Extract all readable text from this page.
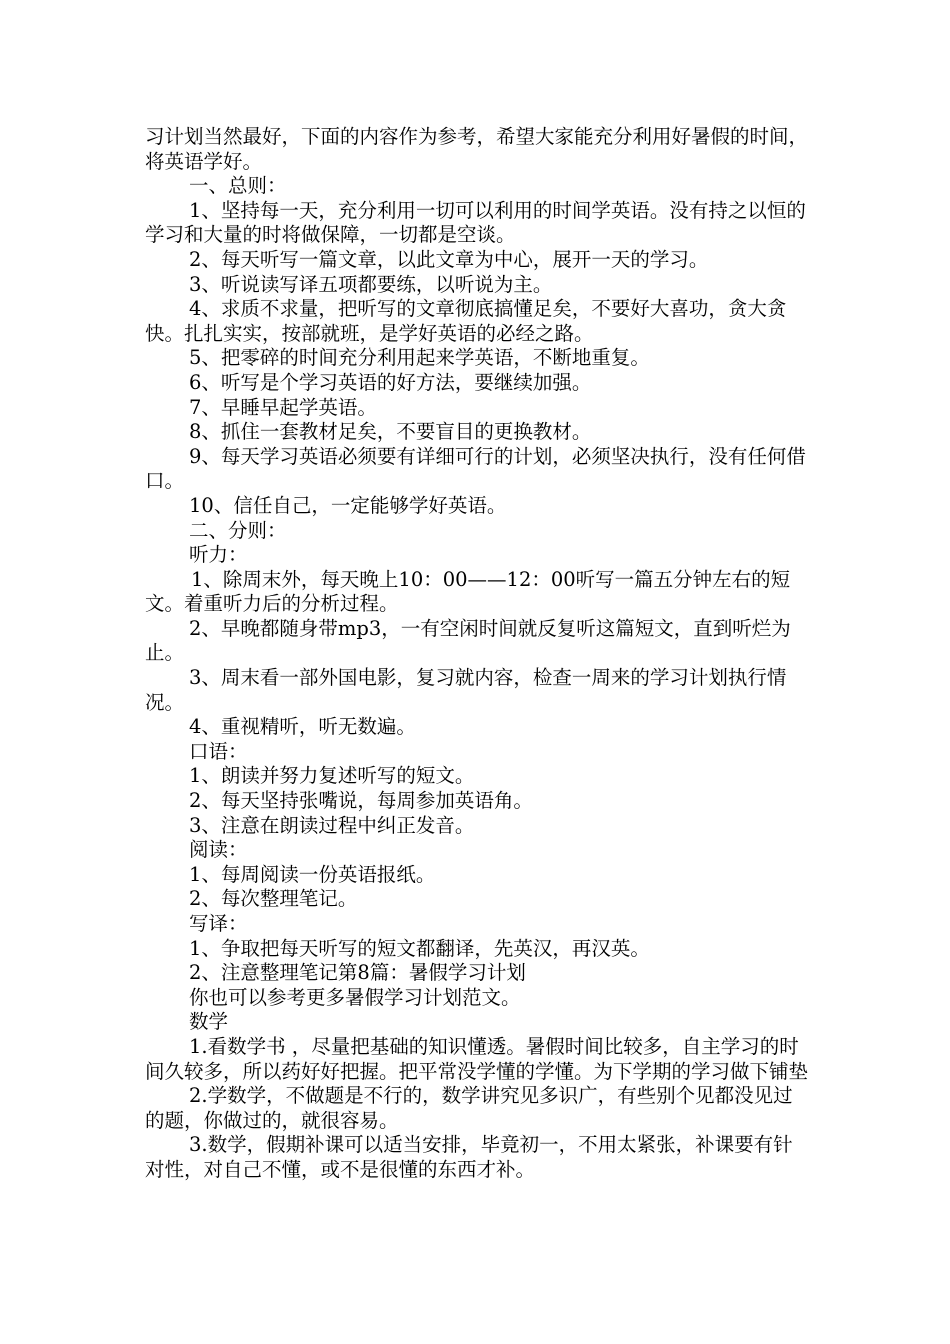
习计划当然最好，下面的内容作为参考，希望大家能充分利用好暑假的时间，将英语学好。

一、总则：

1、坚持每一天，充分利用一切可以利用的时间学英语。没有持之以恒的学习和大量的时将做保障，一切都是空谈。

2、每天听写一篇文章，以此文章为中心，展开一天的学习。

3、听说读写译五项都要练，以听说为主。

4、求质不求量，把听写的文章彻底搞懂足矣，不要好大喜功，贪大贪快。扎扎实实，按部就班，是学好英语的必经之路。

5、把零碎的时间充分利用起来学英语，不断地重复。

6、听写是个学习英语的好方法，要继续加强。

7、早睡早起学英语。

8、抓住一套教材足矣，不要盲目的更换教材。

9、每天学习英语必须要有详细可行的计划，必须坚决执行，没有任何借口。

10、信任自己，一定能够学好英语。

二、分则：

听力：

1、除周末外，每天晚上10：00——12：00听写一篇五分钟左右的短文。着重听力后的分析过程。

2、早晚都随身带mp3，一有空闲时间就反复听这篇短文，直到听烂为止。

3、周末看一部外国电影，复习就内容，检查一周来的学习计划执行情况。

4、重视精听，听无数遍。

口语：

1、朗读并努力复述听写的短文。

2、每天坚持张嘴说，每周参加英语角。

3、注意在朗读过程中纠正发音。

阅读：

1、每周阅读一份英语报纸。

2、每次整理笔记。

写译：

1、争取把每天听写的短文都翻译，先英汉，再汉英。

2、注意整理笔记第8篇：暑假学习计划

你也可以参考更多暑假学习计划范文。

数学

1.看数学书 ，尽量把基础的知识懂透。暑假时间比较多，自主学习的时间久较多，所以药好好把握。把平常没学懂的学懂。为下学期的学习做下铺垫

2.学数学，不做题是不行的，数学讲究见多识广，有些别个见都没见过的题，你做过的，就很容易。

3.数学，假期补课可以适当安排，毕竟初一，不用太紧张，补课要有针对性，对自己不懂，或不是很懂的东西才补。
